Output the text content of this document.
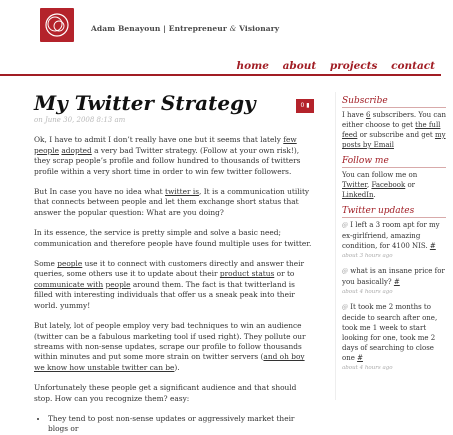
Adam Benayoun | Entrepreneur & Visionary
home about projects contact
My Twitter Strategy
on June 30, 2008 8:13 am

Ok, I have to admit I don’t really have one but it seems that lately few people adopted a very bad Twitter strategy. (Follow at your own risk!), they scrap people’s profile and follow hundred to thousands of twitters profile within a very short time in order to win few twitter followers.

But In case you have no idea what twitter is, It is a communication utility that connects between people and let them exchange short status that answer the popular question: What are you doing?

In its essence, the service is pretty simple and solve a basic need; communication and therefore people have found multiple uses for twitter.

Some people use it to connect with customers directly and answer their queries, some others use it to update about their product status or to communicate with people around them. The fact is that twitterland is filled with interesting individuals that offer us a sneak peak into their world. yummy!

But lately, lot of people employ very bad techniques to win an audience (twitter can be a fabulous marketing tool if used right). They pollute our streams with non-sense updates, scrape our profile to follow thousands within minutes and put some more strain on twitter servers (and oh boy we know how unstable twitter can be).

Unfortunately these people get a significant audience and that should stop. How can you recognize them? easy:

• They tend to post non-sense updates or aggressively market their blogs or
0 ▮	Subscribe

I have 6 subscribers. You can either choose to get the full feed or subscribe and get my posts by Email

Follow me

You can follow me on Twitter, Facebook or LinkedIn.

Twitter updates
@ I left a 3 room apt for my ex-girlfriend, amazing condition, for 4100 NIS. #
about 3 hours ago
@ what is an insane price for you basically? #
about 4 hours ago
@ It took me 2 months to decide to search after one, took me 1 week to start looking for one, took me 2 days of searching to close one #
about 4 hours ago
